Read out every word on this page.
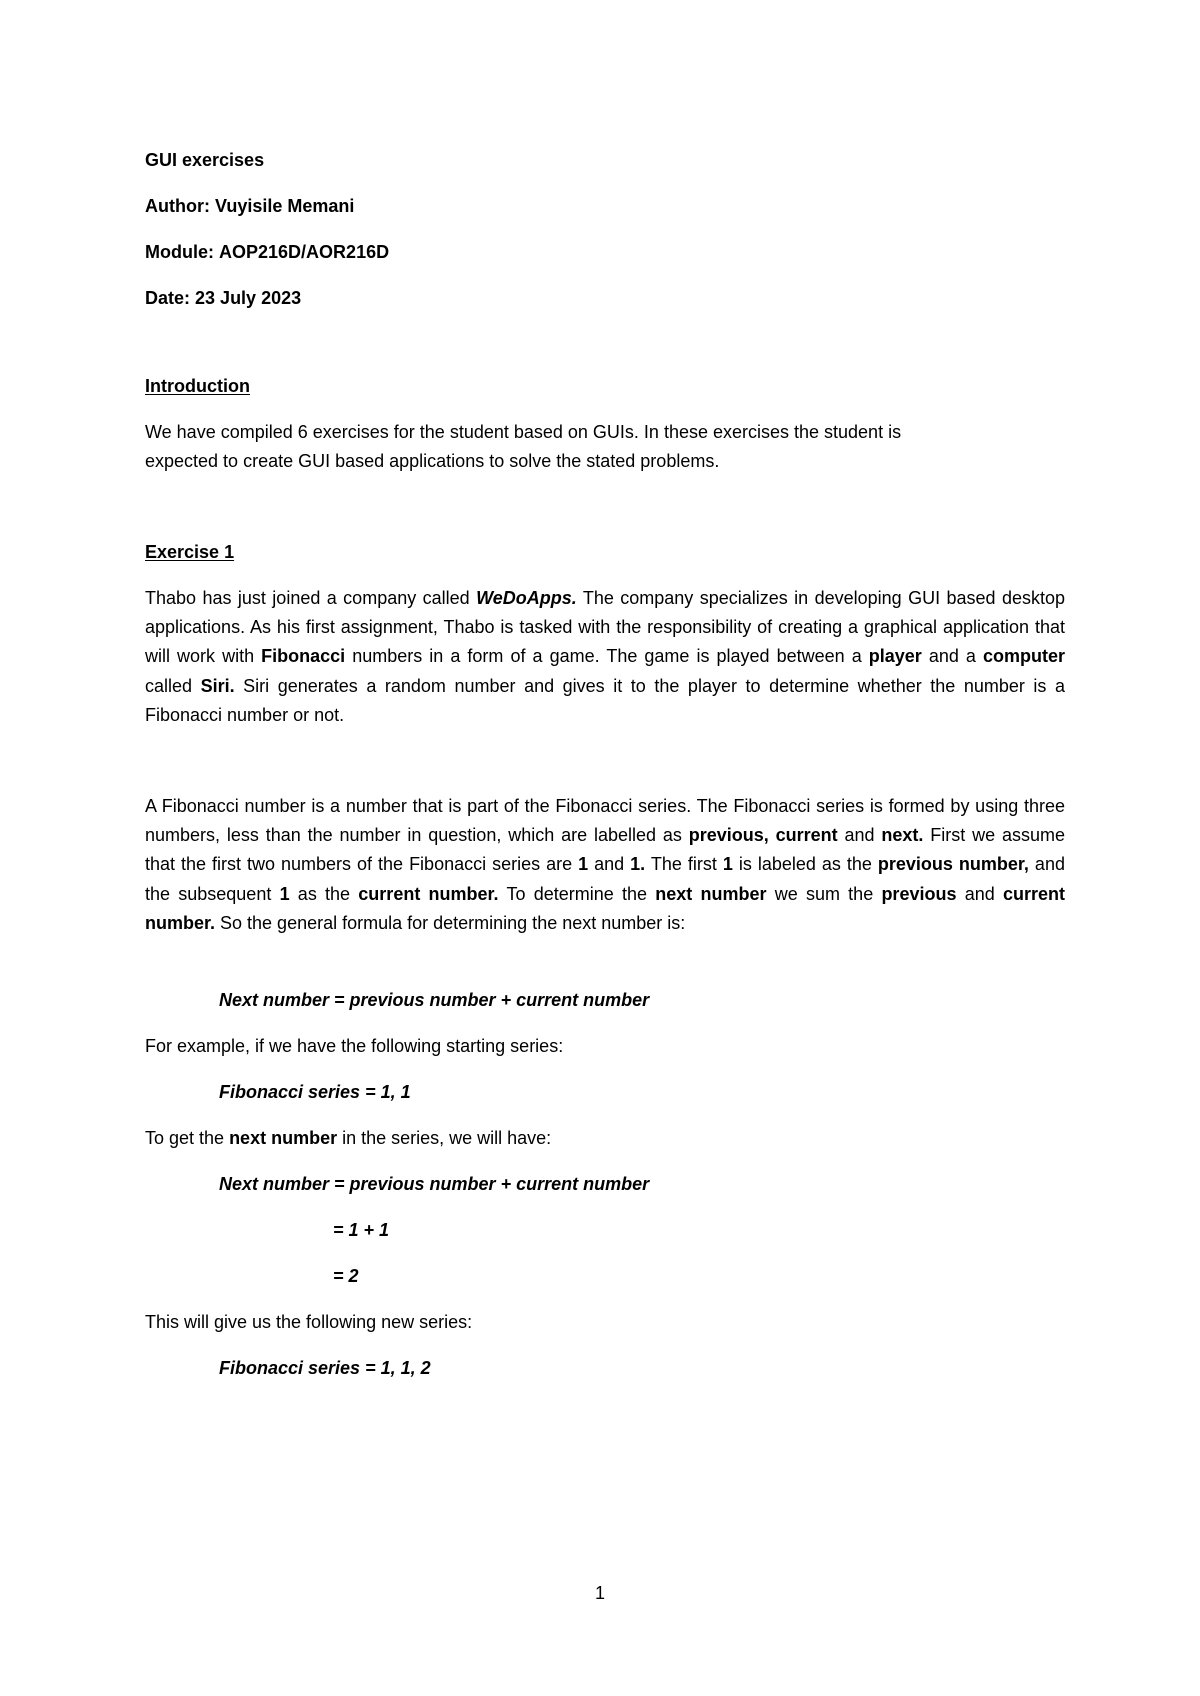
GUI exercises
Author: Vuyisile Memani
Module: AOP216D/AOR216D
Date: 23 July 2023
Introduction
We have compiled 6 exercises for the student based on GUIs. In these exercises the student is
expected to create GUI based applications to solve the stated problems.
Exercise 1
Thabo has just joined a company called WeDoApps. The company specializes in developing GUI based desktop applications. As his first assignment, Thabo is tasked with the responsibility of creating a graphical application that will work with Fibonacci numbers in a form of a game. The game is played between a player and a computer called Siri. Siri generates a random number and gives it to the player to determine whether the number is a Fibonacci number or not.
A Fibonacci number is a number that is part of the Fibonacci series. The Fibonacci series is formed by using three numbers, less than the number in question, which are labelled as previous, current and next. First we assume that the first two numbers of the Fibonacci series are 1 and 1. The first 1 is labeled as the previous number, and the subsequent 1 as the current number. To determine the next number we sum the previous and current number. So the general formula for determining the next number is:
Next number = previous number + current number
For example, if we have the following starting series:
Fibonacci series = 1, 1
To get the next number in the series, we will have:
Next number = previous number + current number
= 1 + 1
= 2
This will give us the following new series:
Fibonacci series = 1, 1, 2
1
